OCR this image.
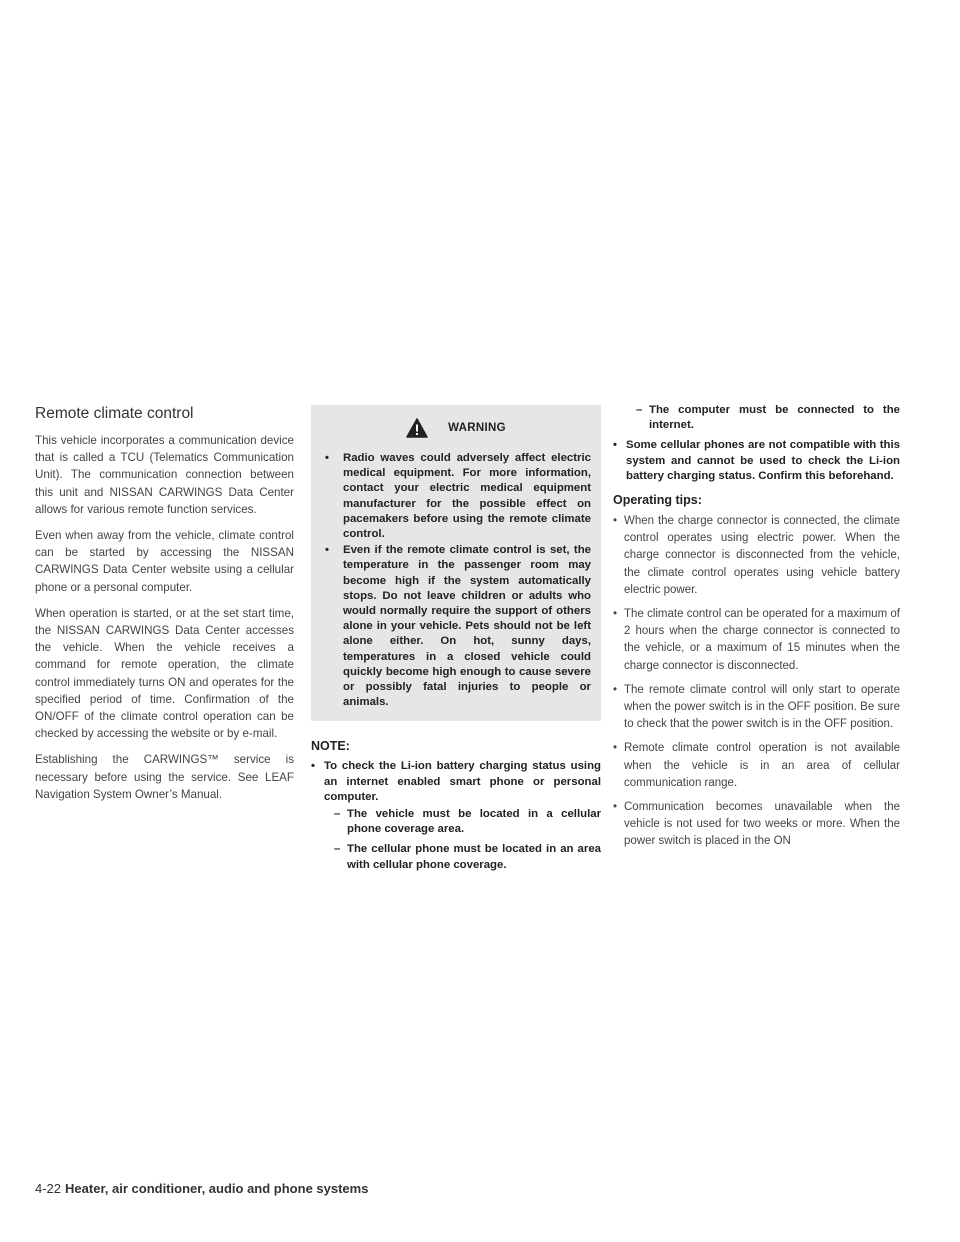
Remote climate control

This vehicle incorporates a communication device that is called a TCU (Telematics Communication Unit). The communication connection between this unit and NISSAN CARWINGS Data Center allows for various remote function services.

Even when away from the vehicle, climate control can be started by accessing the NISSAN CARWINGS Data Center website using a cellular phone or a personal computer.

When operation is started, or at the set start time, the NISSAN CARWINGS Data Center accesses the vehicle. When the vehicle receives a command for remote operation, the climate control immediately turns ON and operates for the specified period of time. Confirmation of the ON/OFF of the climate control operation can be checked by accessing the website or by e-mail.

Establishing the CARWINGS™ service is necessary before using the service. See LEAF Navigation System Owner’s Manual.

WARNING
• Radio waves could adversely affect electric medical equipment. For more information, contact your electric medical equipment manufacturer for the possible effect on pacemakers before using the remote climate control.
• Even if the remote climate control is set, the temperature in the passenger room may become high if the system automatically stops. Do not leave children or adults who would normally require the support of others alone in your vehicle. Pets should not be left alone either. On hot, sunny days, temperatures in a closed vehicle could quickly become high enough to cause severe or possibly fatal injuries to people or animals.
NOTE:
• To check the Li-ion battery charging status using an internet enabled smart phone or personal computer.
– The vehicle must be located in a cellular phone coverage area.
– The cellular phone must be located in an area with cellular phone coverage.
– The computer must be connected to the internet.
• Some cellular phones are not compatible with this system and cannot be used to check the Li-ion battery charging status. Confirm this beforehand.
Operating tips:
• When the charge connector is connected, the climate control operates using electric power. When the charge connector is disconnected from the vehicle, the climate control operates using vehicle battery electric power.
• The climate control can be operated for a maximum of 2 hours when the charge connector is connected to the vehicle, or a maximum of 15 minutes when the charge connector is disconnected.
• The remote climate control will only start to operate when the power switch is in the OFF position. Be sure to check that the power switch is in the OFF position.
• Remote climate control operation is not available when the vehicle is in an area of cellular communication range.
• Communication becomes unavailable when the vehicle is not used for two weeks or more. When the power switch is placed in the ON
4-22 Heater, air conditioner, audio and phone systems
